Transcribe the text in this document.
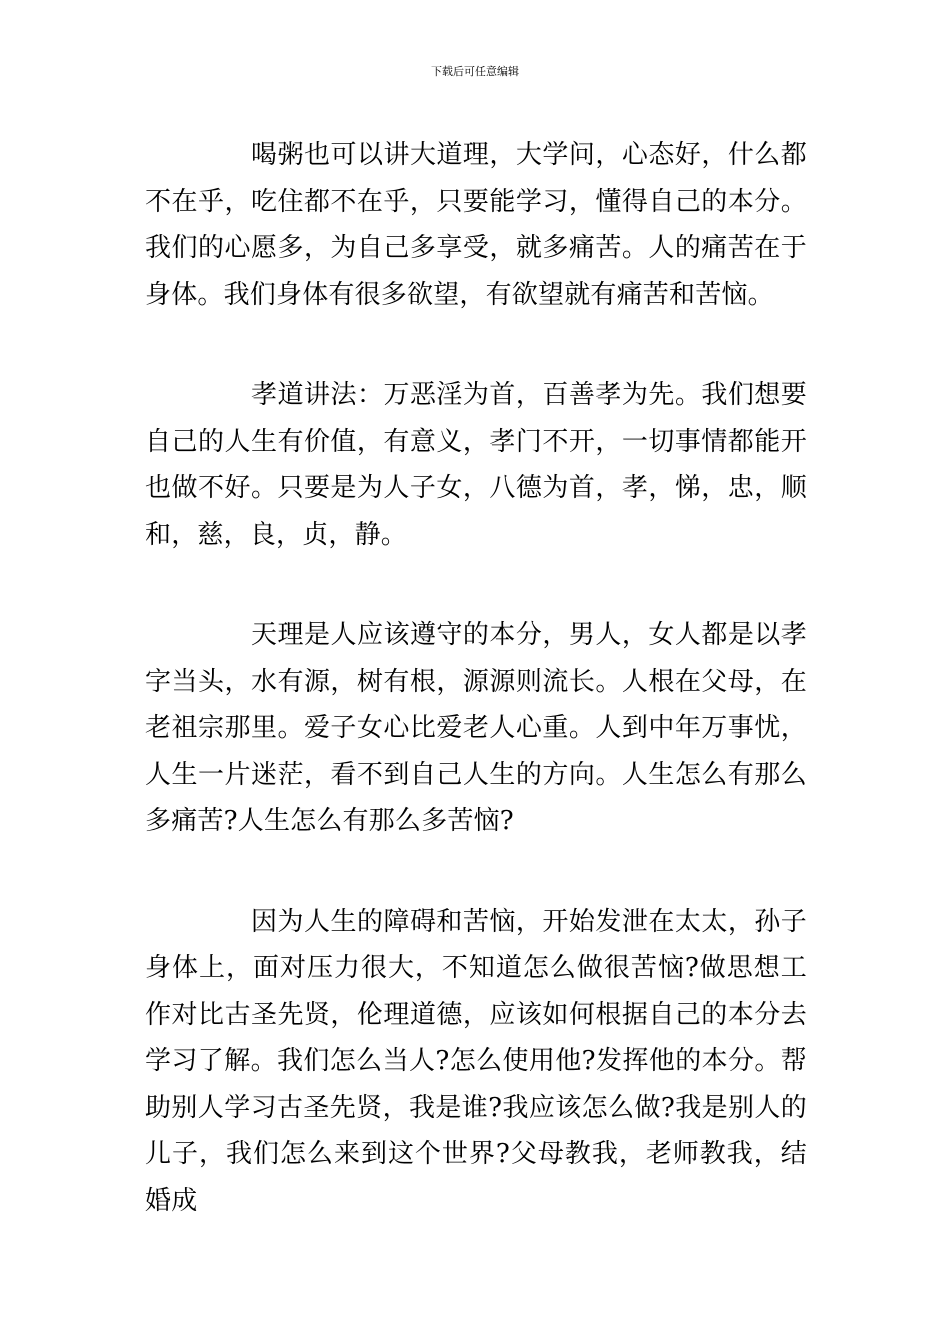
下载后可任意编辑

喝粥也可以讲大道理，大学问，心态好，什么都不在乎，吃住都不在乎，只要能学习，懂得自己的本分。我们的心愿多，为自己多享受，就多痛苦。人的痛苦在于身体。我们身体有很多欲望，有欲望就有痛苦和苦恼。

孝道讲法：万恶淫为首，百善孝为先。我们想要自己的人生有价值，有意义，孝门不开，一切事情都能开也做不好。只要是为人子女，八德为首，孝，悌，忠，顺和，慈，良，贞，静。

天理是人应该遵守的本分，男人，女人都是以孝字当头，水有源，树有根，源源则流长。人根在父母，在老祖宗那里。爱子女心比爱老人心重。人到中年万事忧，人生一片迷茫，看不到自己人生的方向。人生怎么有那么多痛苦?人生怎么有那么多苦恼?

因为人生的障碍和苦恼，开始发泄在太太，孙子身体上，面对压力很大，不知道怎么做很苦恼?做思想工作对比古圣先贤，伦理道德，应该如何根据自己的本分去学习了解。我们怎么当人?怎么使用他?发挥他的本分。帮助别人学习古圣先贤，我是谁?我应该怎么做?我是别人的儿子，我们怎么来到这个世界?父母教我，老师教我，结婚成
